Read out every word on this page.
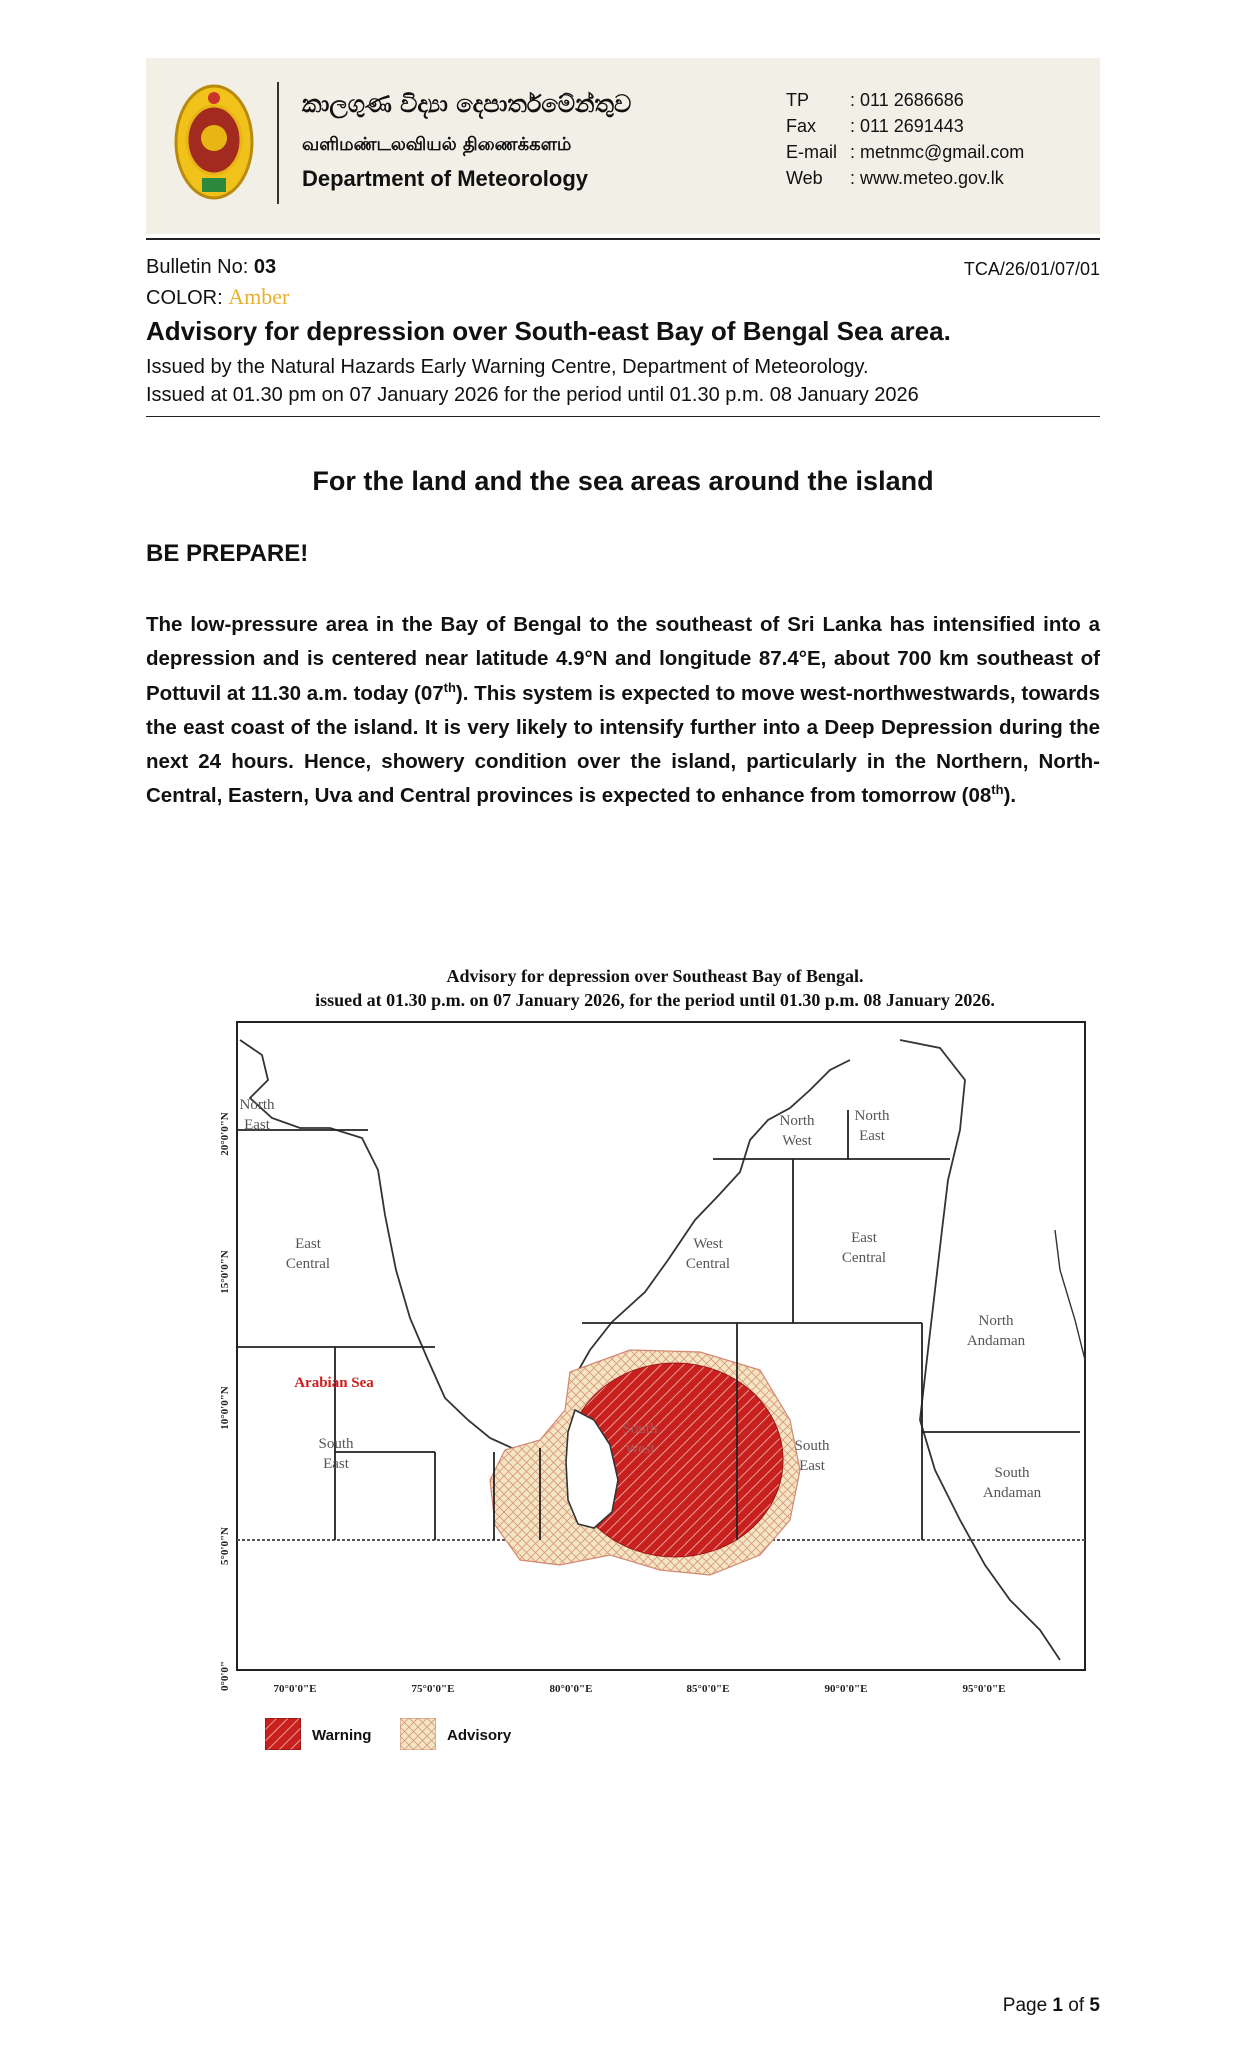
කාලගුණ විද්‍යා දෙපාර්තමේන්තුව
வளிமண்டலவியல் திணைக்களம்
Department of Meteorology
TP : 011 2686686
Fax : 011 2691443
E-mail : metnmc@gmail.com
Web : www.meteo.gov.lk
Bulletin No: 03	TCA/26/01/07/01
COLOR: Amber
Advisory for depression over South-east Bay of Bengal Sea area.
Issued by the Natural Hazards Early Warning Centre, Department of Meteorology.
Issued at 01.30 pm on 07 January 2026 for the period until 01.30 p.m. 08 January 2026
For the land and the sea areas around the island
BE PREPARE!
The low-pressure area in the Bay of Bengal to the southeast of Sri Lanka has intensified into a depression and is centered near latitude 4.9°N and longitude 87.4°E, about 700 km southeast of Pottuvil at 11.30 a.m. today (07th). This system is expected to move west-northwestwards, towards the east coast of the island. It is very likely to intensify further into a Deep Depression during the next 24 hours. Hence, showery condition over the island, particularly in the Northern, North-Central, Eastern, Uva and Central provinces is expected to enhance from tomorrow (08th).
Advisory for depression over Southeast Bay of Bengal.
issued at 01.30 p.m. on 07 January 2026, for the period until 01.30 p.m. 08 January 2026.
North
East
East
Central
South
East
North
West
North
East
West
Central
East
Central
North
Andaman
South
Andaman
South
West	South
East
Arabian Sea
20°0'0"N
15°0'0"N
10°0'0"N
5°0'0"N
0°0'0"	70°0'0"E	75°0'0"E	80°0'0"E	85°0'0"E	90°0'0"E	95°0'0"E
Warning	Advisory
Page 1 of 5
